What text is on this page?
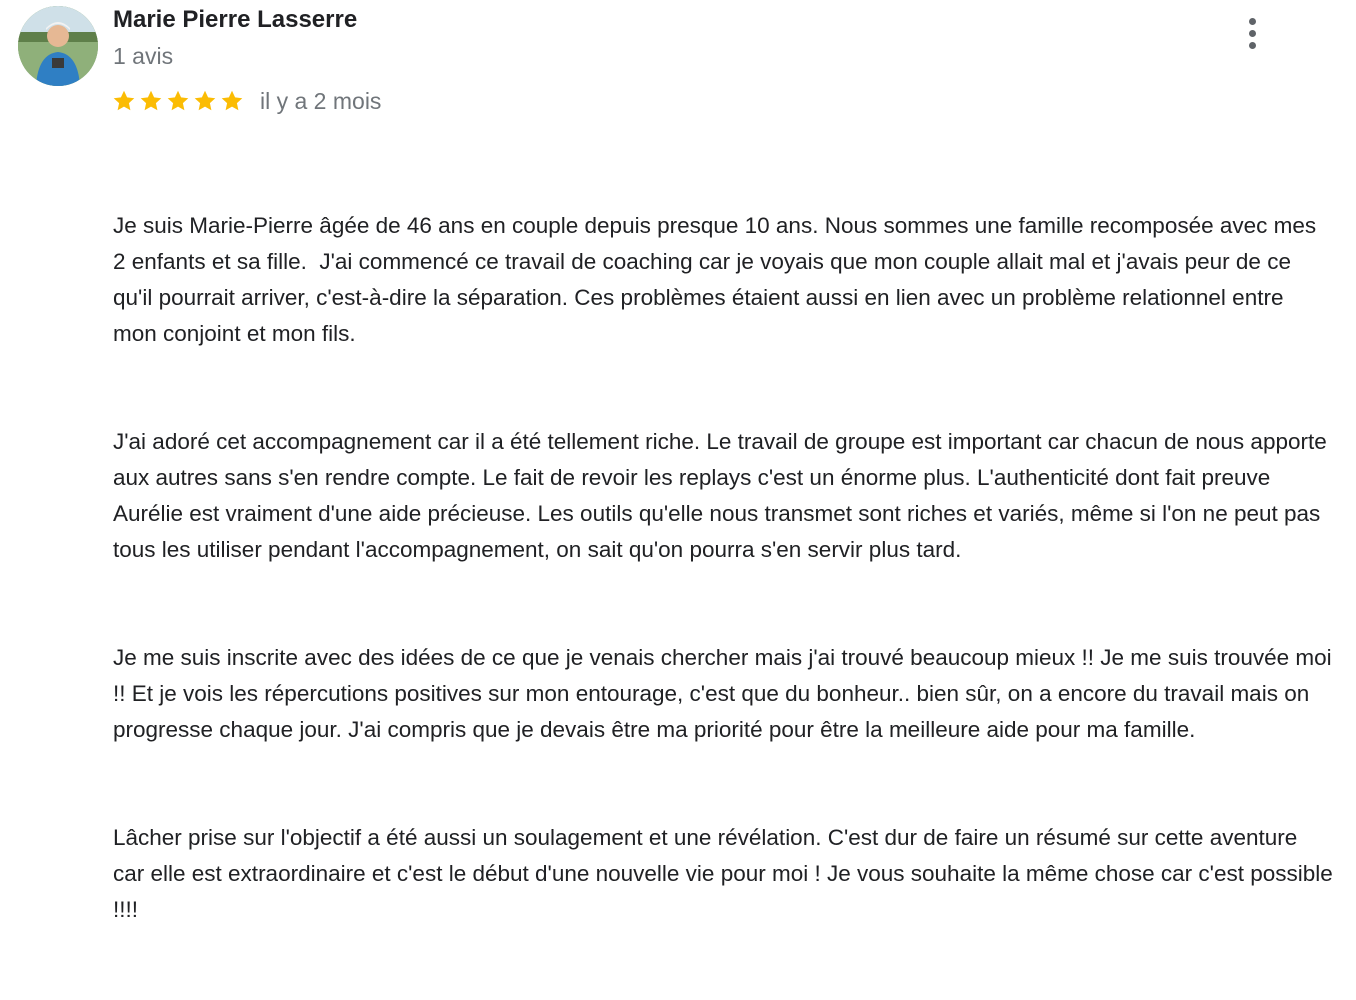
Marie Pierre Lasserre
1 avis
il y a 2 mois

Je suis Marie-Pierre âgée de 46 ans en couple depuis presque 10 ans. Nous sommes une famille recomposée avec mes 2 enfants et sa fille.  J'ai commencé ce travail de coaching car je voyais que mon couple allait mal et j'avais peur de ce qu'il pourrait arriver, c'est-à-dire la séparation. Ces problèmes étaient aussi en lien avec un problème relationnel entre mon conjoint et mon fils.

J'ai adoré cet accompagnement car il a été tellement riche. Le travail de groupe est important car chacun de nous apporte aux autres sans s'en rendre compte. Le fait de revoir les replays c'est un énorme plus. L'authenticité dont fait preuve Aurélie est vraiment d'une aide précieuse. Les outils qu'elle nous transmet sont riches et variés, même si l'on ne peut pas tous les utiliser pendant l'accompagnement, on sait qu'on pourra s'en servir plus tard.

Je me suis inscrite avec des idées de ce que je venais chercher mais j'ai trouvé beaucoup mieux !! Je me suis trouvée moi !! Et je vois les répercutions positives sur mon entourage, c'est que du bonheur.. bien sûr, on a encore du travail mais on progresse chaque jour. J'ai compris que je devais être ma priorité pour être la meilleure aide pour ma famille.

Lâcher prise sur l'objectif a été aussi un soulagement et une révélation. C'est dur de faire un résumé sur cette aventure car elle est extraordinaire et c'est le début d'une nouvelle vie pour moi ! Je vous souhaite la même chose car c'est possible !!!!
